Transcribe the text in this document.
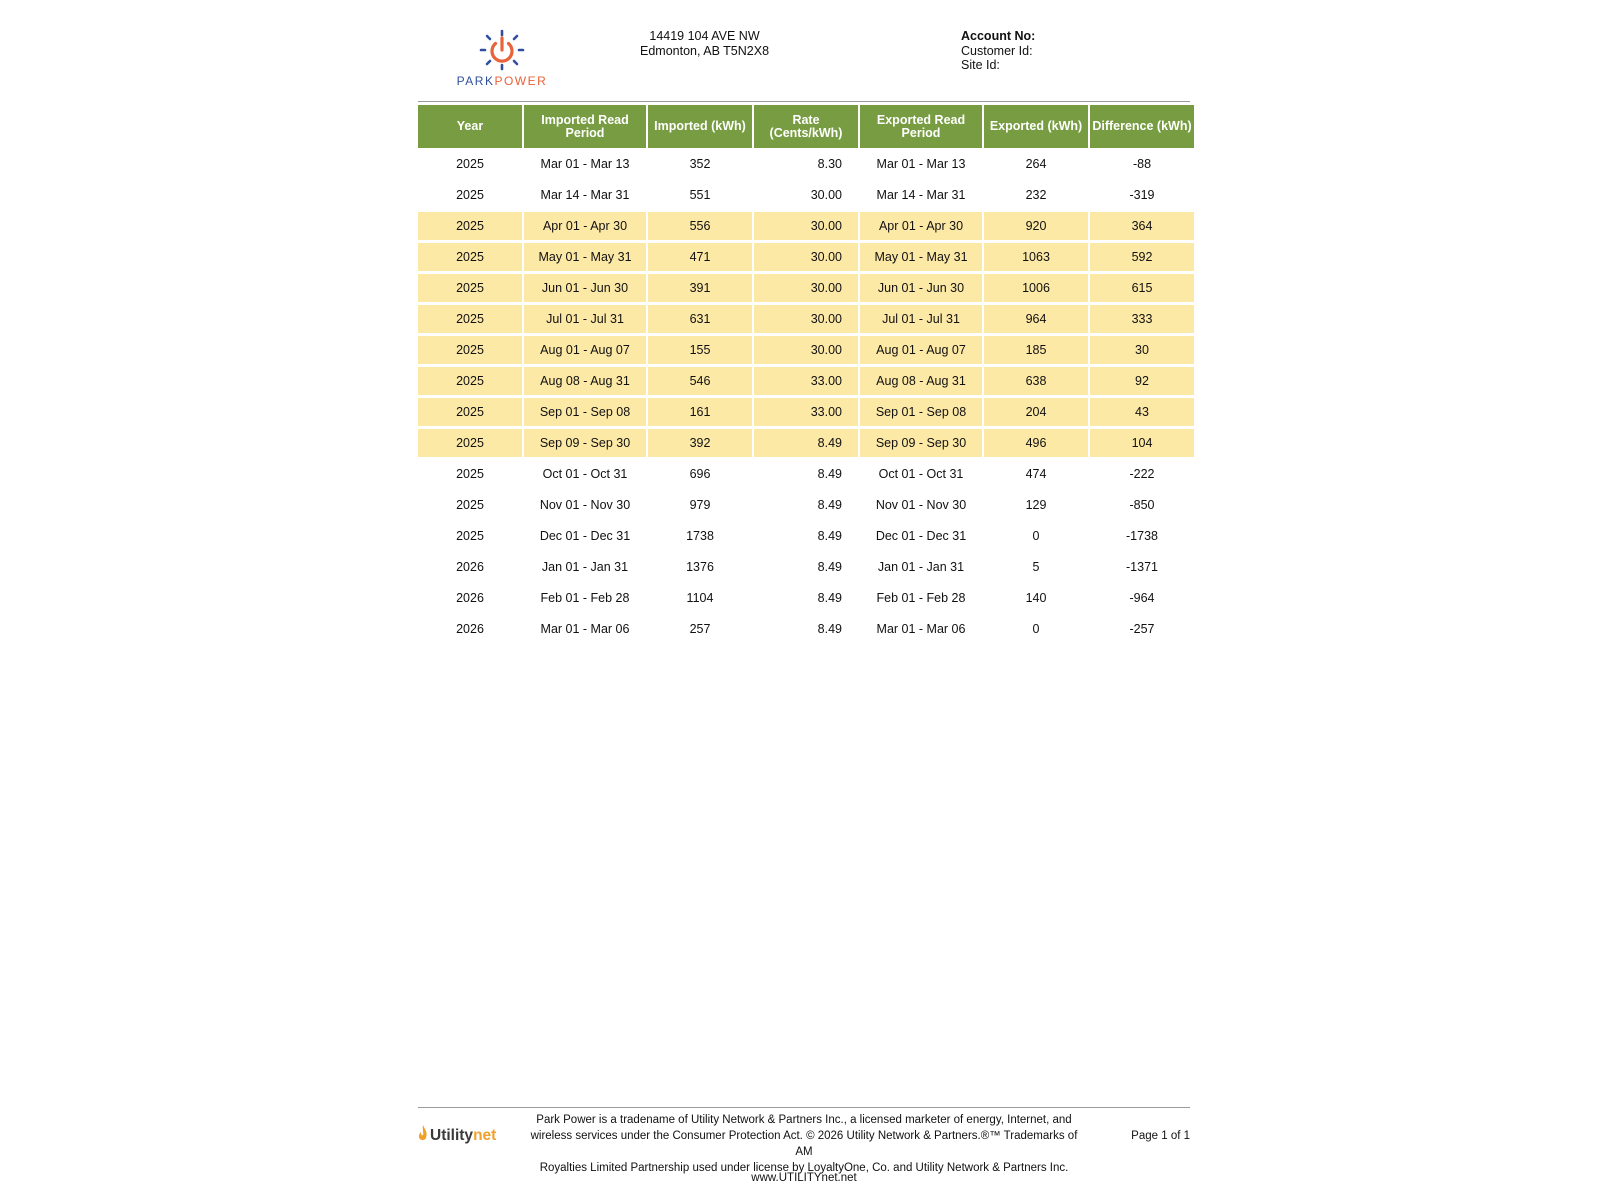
PARKPOWER
14419 104 AVE NW
Edmonton, AB T5N2X8
Account No:
Customer Id:
Site Id:
Year	Imported Read Period	Imported (kWh)	Rate (Cents/kWh)	Exported Read Period	Exported (kWh)	Difference (kWh)
2025	Mar 01 - Mar 13	352	8.30	Mar 01 - Mar 13	264	-88
2025	Mar 14 - Mar 31	551	30.00	Mar 14 - Mar 31	232	-319
2025	Apr 01 - Apr 30	556	30.00	Apr 01 - Apr 30	920	364
2025	May 01 - May 31	471	30.00	May 01 - May 31	1063	592
2025	Jun 01 - Jun 30	391	30.00	Jun 01 - Jun 30	1006	615
2025	Jul 01 - Jul 31	631	30.00	Jul 01 - Jul 31	964	333
2025	Aug 01 - Aug 07	155	30.00	Aug 01 - Aug 07	185	30
2025	Aug 08 - Aug 31	546	33.00	Aug 08 - Aug 31	638	92
2025	Sep 01 - Sep 08	161	33.00	Sep 01 - Sep 08	204	43
2025	Sep 09 - Sep 30	392	8.49	Sep 09 - Sep 30	496	104
2025	Oct 01 - Oct 31	696	8.49	Oct 01 - Oct 31	474	-222
2025	Nov 01 - Nov 30	979	8.49	Nov 01 - Nov 30	129	-850
2025	Dec 01 - Dec 31	1738	8.49	Dec 01 - Dec 31	0	-1738
2026	Jan 01 - Jan 31	1376	8.49	Jan 01 - Jan 31	5	-1371
2026	Feb 01 - Feb 28	1104	8.49	Feb 01 - Feb 28	140	-964
2026	Mar 01 - Mar 06	257	8.49	Mar 01 - Mar 06	0	-257
Utilitynet
Park Power is a tradename of Utility Network & Partners Inc., a licensed marketer of energy, Internet, and
wireless services under the Consumer Protection Act. © 2026 Utility Network & Partners.®™ Trademarks of AM
Royalties Limited Partnership used under license by LoyaltyOne, Co. and Utility Network & Partners Inc.
Page 1 of 1
www.UTILITYnet.net
